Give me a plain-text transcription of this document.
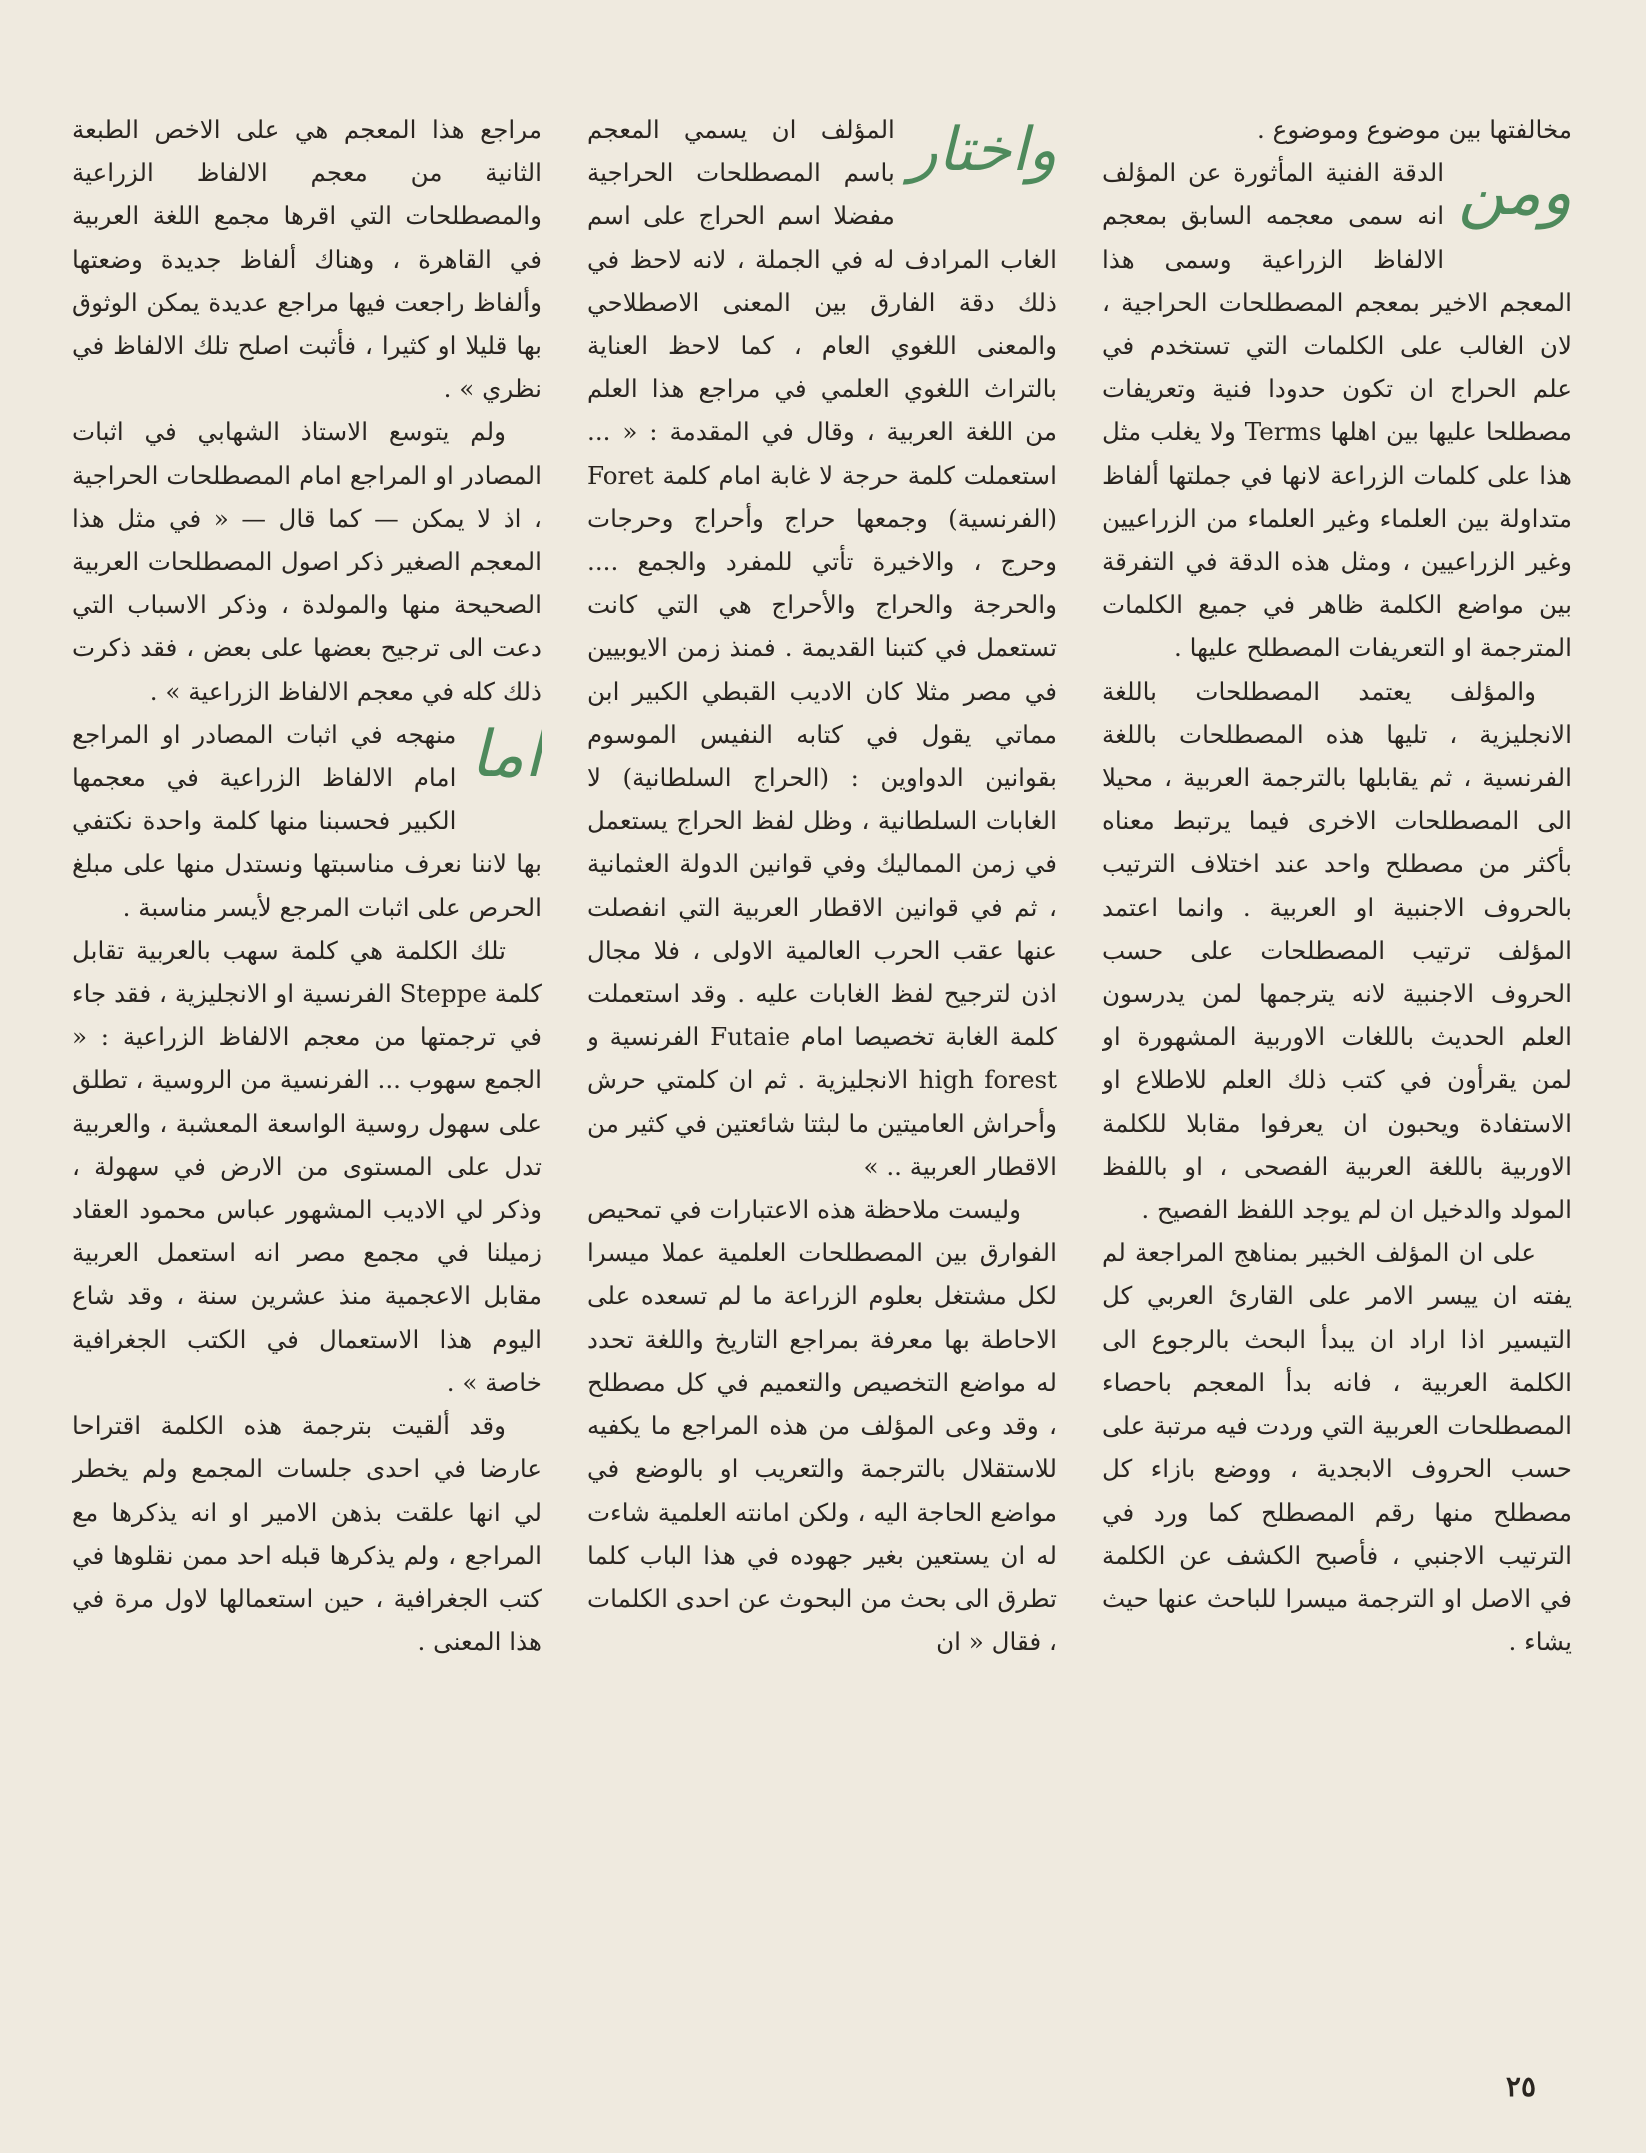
مخالفتها بين موضوع وموضوع .

ومن
الدقة الفنية المأثورة عن المؤلف انه سمى معجمه السابق بمعجم الالفاظ الزراعية وسمى هذا المعجم الاخير بمعجم المصطلحات الحراجية ، لان الغالب على الكلمات التي تستخدم في علم الحراج ان تكون حدودا فنية وتعريفات مصطلحا عليها بين اهلها Terms ولا يغلب مثل هذا على كلمات الزراعة لانها في جملتها ألفاظ متداولة بين العلماء وغير العلماء من الزراعيين وغير الزراعيين ، ومثل هذه الدقة في التفرقة بين مواضع الكلمة ظاهر في جميع الكلمات المترجمة او التعريفات المصطلح عليها .

والمؤلف يعتمد المصطلحات باللغة الانجليزية ، تليها هذه المصطلحات باللغة الفرنسية ، ثم يقابلها بالترجمة العربية ، محيلا الى المصطلحات الاخرى فيما يرتبط معناه بأكثر من مصطلح واحد عند اختلاف الترتيب بالحروف الاجنبية او العربية . وانما اعتمد المؤلف ترتيب المصطلحات على حسب الحروف الاجنبية لانه يترجمها لمن يدرسون العلم الحديث باللغات الاوربية المشهورة او لمن يقرأون في كتب ذلك العلم للاطلاع او الاستفادة ويحبون ان يعرفوا مقابلا للكلمة الاوربية باللغة العربية الفصحى ، او باللفظ المولد والدخيل ان لم يوجد اللفظ الفصيح .

على ان المؤلف الخبير بمناهج المراجعة لم يفته ان ييسر الامر على القارئ العربي كل التيسير اذا اراد ان يبدأ البحث بالرجوع الى الكلمة العربية ، فانه بدأ المعجم باحصاء المصطلحات العربية التي وردت فيه مرتبة على حسب الحروف الابجدية ، ووضع بازاء كل مصطلح منها رقم المصطلح كما ورد في الترتيب الاجنبي ، فأصبح الكشف عن الكلمة في الاصل او الترجمة ميسرا للباحث عنها حيث يشاء .

واختار
المؤلف ان يسمي المعجم باسم المصطلحات الحراجية مفضلا اسم الحراج على اسم الغاب المرادف له في الجملة ، لانه لاحظ في ذلك دقة الفارق بين المعنى الاصطلاحي والمعنى اللغوي العام ، كما لاحظ العناية بالتراث اللغوي العلمي في مراجع هذا العلم من اللغة العربية ، وقال في المقدمة : « ... استعملت كلمة حرجة لا غابة امام كلمة Foret (الفرنسية) وجمعها حراج وأحراج وحرجات وحرج ، والاخيرة تأتي للمفرد والجمع .... والحرجة والحراج والأحراج هي التي كانت تستعمل في كتبنا القديمة . فمنذ زمن الايوبيين في مصر مثلا كان الاديب القبطي الكبير ابن مماتي يقول في كتابه النفيس الموسوم بقوانين الدواوين : (الحراج السلطانية) لا الغابات السلطانية ، وظل لفظ الحراج يستعمل في زمن المماليك وفي قوانين الدولة العثمانية ، ثم في قوانين الاقطار العربية التي انفصلت عنها عقب الحرب العالمية الاولى ، فلا مجال اذن لترجيح لفظ الغابات عليه . وقد استعملت كلمة الغابة تخصيصا امام Futaie الفرنسية و high forest الانجليزية . ثم ان كلمتي حرش وأحراش العاميتين ما لبثتا شائعتين في كثير من الاقطار العربية .. »

وليست ملاحظة هذه الاعتبارات في تمحيص الفوارق بين المصطلحات العلمية عملا ميسرا لكل مشتغل بعلوم الزراعة ما لم تسعده على الاحاطة بها معرفة بمراجع التاريخ واللغة تحدد له مواضع التخصيص والتعميم في كل مصطلح ، وقد وعى المؤلف من هذه المراجع ما يكفيه للاستقلال بالترجمة والتعريب او بالوضع في مواضع الحاجة اليه ، ولكن امانته العلمية شاءت له ان يستعين بغير جهوده في هذا الباب كلما تطرق الى بحث من البحوث عن احدى الكلمات ، فقال « ان

مراجع هذا المعجم هي على الاخص الطبعة الثانية من معجم الالفاظ الزراعية والمصطلحات التي اقرها مجمع اللغة العربية في القاهرة ، وهناك ألفاظ جديدة وضعتها وألفاظ راجعت فيها مراجع عديدة يمكن الوثوق بها قليلا او كثيرا ، فأثبت اصلح تلك الالفاظ في نظري » .

ولم يتوسع الاستاذ الشهابي في اثبات المصادر او المراجع امام المصطلحات الحراجية ، اذ لا يمكن — كما قال — « في مثل هذا المعجم الصغير ذكر اصول المصطلحات العربية الصحيحة منها والمولدة ، وذكر الاسباب التي دعت الى ترجيح بعضها على بعض ، فقد ذكرت ذلك كله في معجم الالفاظ الزراعية » .

اما
منهجه في اثبات المصادر او المراجع امام الالفاظ الزراعية في معجمها الكبير فحسبنا منها كلمة واحدة نكتفي بها لاننا نعرف مناسبتها ونستدل منها على مبلغ الحرص على اثبات المرجع لأيسر مناسبة .

تلك الكلمة هي كلمة سهب بالعربية تقابل كلمة Steppe الفرنسية او الانجليزية ، فقد جاء في ترجمتها من معجم الالفاظ الزراعية : « الجمع سهوب ... الفرنسية من الروسية ، تطلق على سهول روسية الواسعة المعشبة ، والعربية تدل على المستوى من الارض في سهولة ، وذكر لي الاديب المشهور عباس محمود العقاد زميلنا في مجمع مصر انه استعمل العربية مقابل الاعجمية منذ عشرين سنة ، وقد شاع اليوم هذا الاستعمال في الكتب الجغرافية خاصة » .

وقد ألقيت بترجمة هذه الكلمة اقتراحا عارضا في احدى جلسات المجمع ولم يخطر لي انها علقت بذهن الامير او انه يذكرها مع المراجع ، ولم يذكرها قبله احد ممن نقلوها في كتب الجغرافية ، حين استعمالها لاول مرة في هذا المعنى .

٢٥
